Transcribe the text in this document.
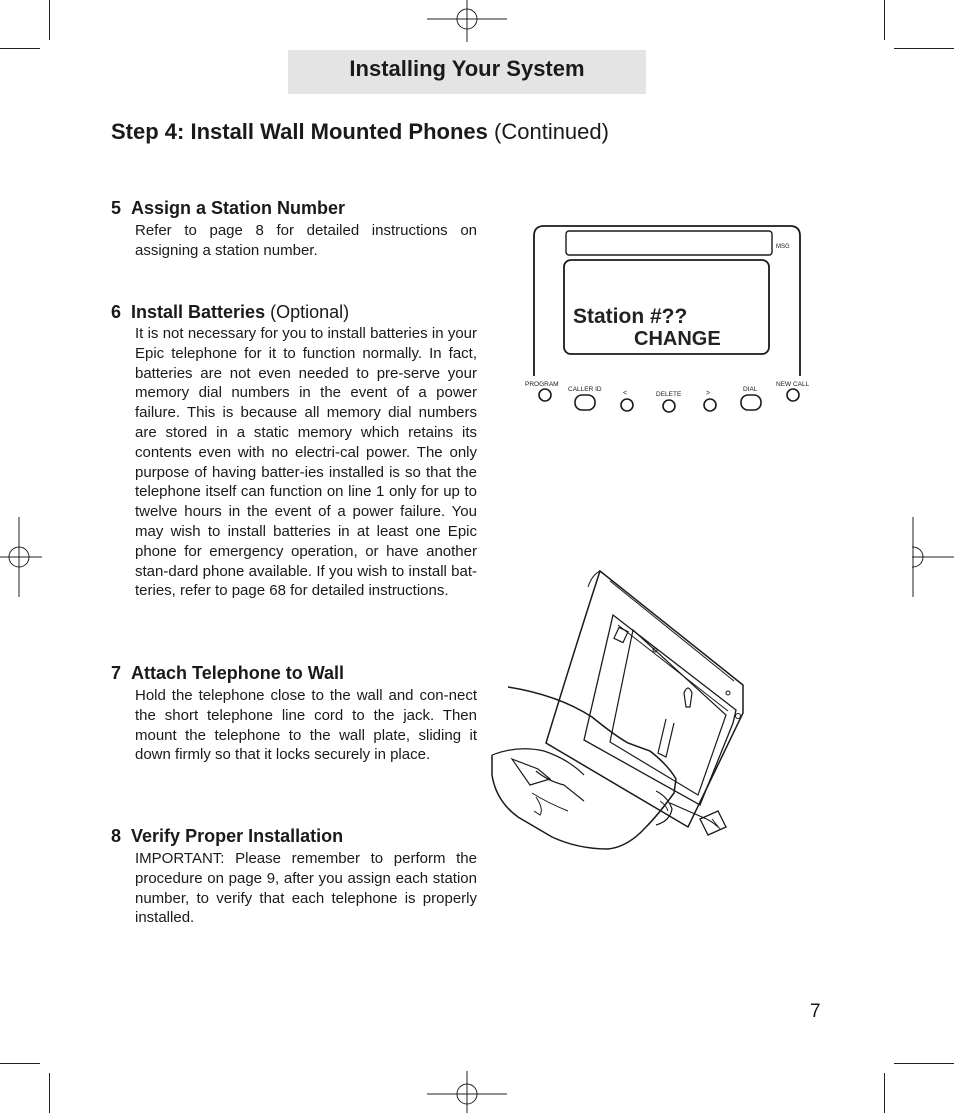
Installing Your System
Step 4: Install Wall Mounted Phones (Continued)
5 Assign a Station Number
Refer to page 8 for detailed instructions on assigning a station number.
6 Install Batteries (Optional)
It is not necessary for you to install batteries in your Epic telephone for it to function normally. In fact, batteries are not even needed to pre-serve your memory dial numbers in the event of a power failure. This is because all memory dial numbers are stored in a static memory which retains its contents even with no electri-cal power. The only purpose of having batter-ies installed is so that the telephone itself can function on line 1 only for up to twelve hours in the event of a power failure. You may wish to install batteries in at least one Epic phone for emergency operation, or have another stan-dard phone available. If you wish to install bat-teries, refer to page 68 for detailed instructions.
7 Attach Telephone to Wall
Hold the telephone close to the wall and con-nect the short telephone line cord to the jack. Then mount the telephone to the wall plate, sliding it down firmly so that it locks securely in place.
8 Verify Proper Installation
IMPORTANT: Please remember to perform the procedure on page 9, after you assign each station number, to verify that each telephone is properly installed.
MSG
Station #??
CHANGE
PROGRAM
CALLER ID
<	DELETE	>
DIAL
NEW CALL
7
